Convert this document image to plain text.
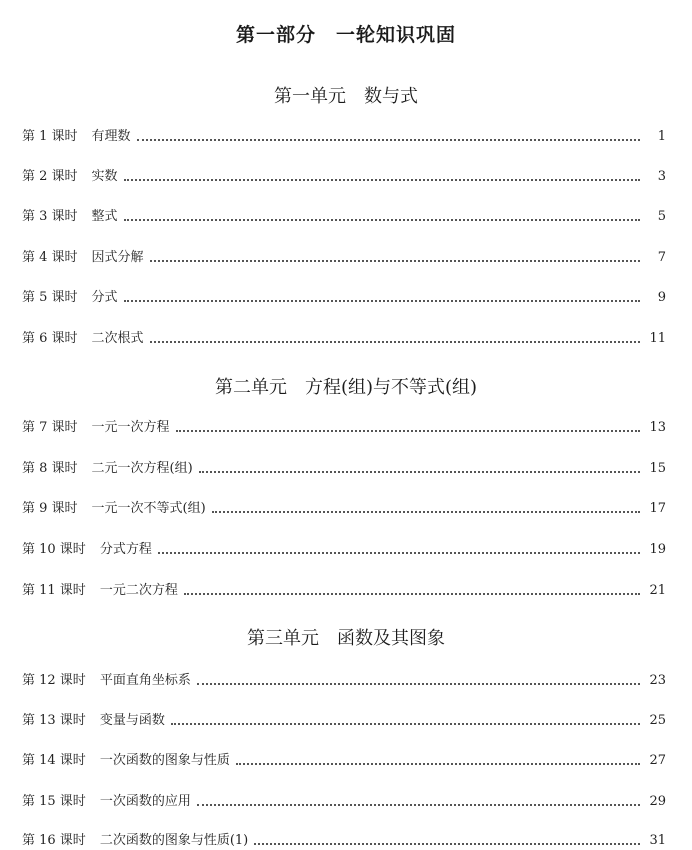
第一部分　一轮知识巩固
第一单元　数与式
第 1 课时 有理数	1
第 2 课时 实数	3
第 3 课时 整式	5
第 4 课时 因式分解	7
第 5 课时 分式	9
第 6 课时 二次根式	11
第二单元　方程(组)与不等式(组)
第 7 课时 一元一次方程	13
第 8 课时 二元一次方程(组)	15
第 9 课时 一元一次不等式(组)	17
第 10 课时 分式方程	19
第 11 课时 一元二次方程	21
第三单元　函数及其图象
第 12 课时 平面直角坐标系	23
第 13 课时 变量与函数	25
第 14 课时 一次函数的图象与性质	27
第 15 课时 一次函数的应用	29
第 16 课时 二次函数的图象与性质(1)	31
